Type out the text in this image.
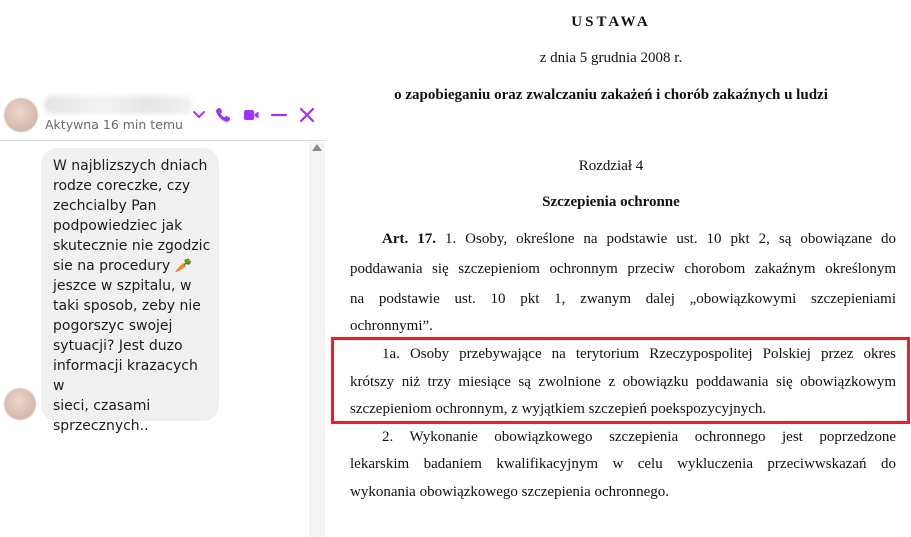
Aktywna 16 min temu
W najblizszych dniach
rodze coreczke, czy
zechcialby Pan
podpowiedziec jak
skutecznie nie zgodzic
sie na procedury 🥕
jeszce w szpitalu, w
taki sposob, zeby nie
pogorszyc swojej
sytuacji? Jest duzo
informacji krazacych w
sieci, czasami
sprzecznych..
USTAWA
z dnia 5 grudnia 2008 r.
o zapobieganiu oraz zwalczaniu zakażeń i chorób zakaźnych u ludzi
Rozdział 4
Szczepienia ochronne
Art. 17. 1. Osoby, określone na podstawie ust. 10 pkt 2, są obowiązane do
poddawania się szczepieniom ochronnym przeciw chorobom zakaźnym określonym
na podstawie ust. 10 pkt 1, zwanym dalej „obowiązkowymi szczepieniami
ochronnymi”.
1a. Osoby przebywające na terytorium Rzeczypospolitej Polskiej przez okres
krótszy niż trzy miesiące są zwolnione z obowiązku poddawania się obowiązkowym
szczepieniom ochronnym, z wyjątkiem szczepień poekspozycyjnych.
2. Wykonanie obowiązkowego szczepienia ochronnego jest poprzedzone
lekarskim badaniem kwalifikacyjnym w celu wykluczenia przeciwwskazań do
wykonania obowiązkowego szczepienia ochronnego.
